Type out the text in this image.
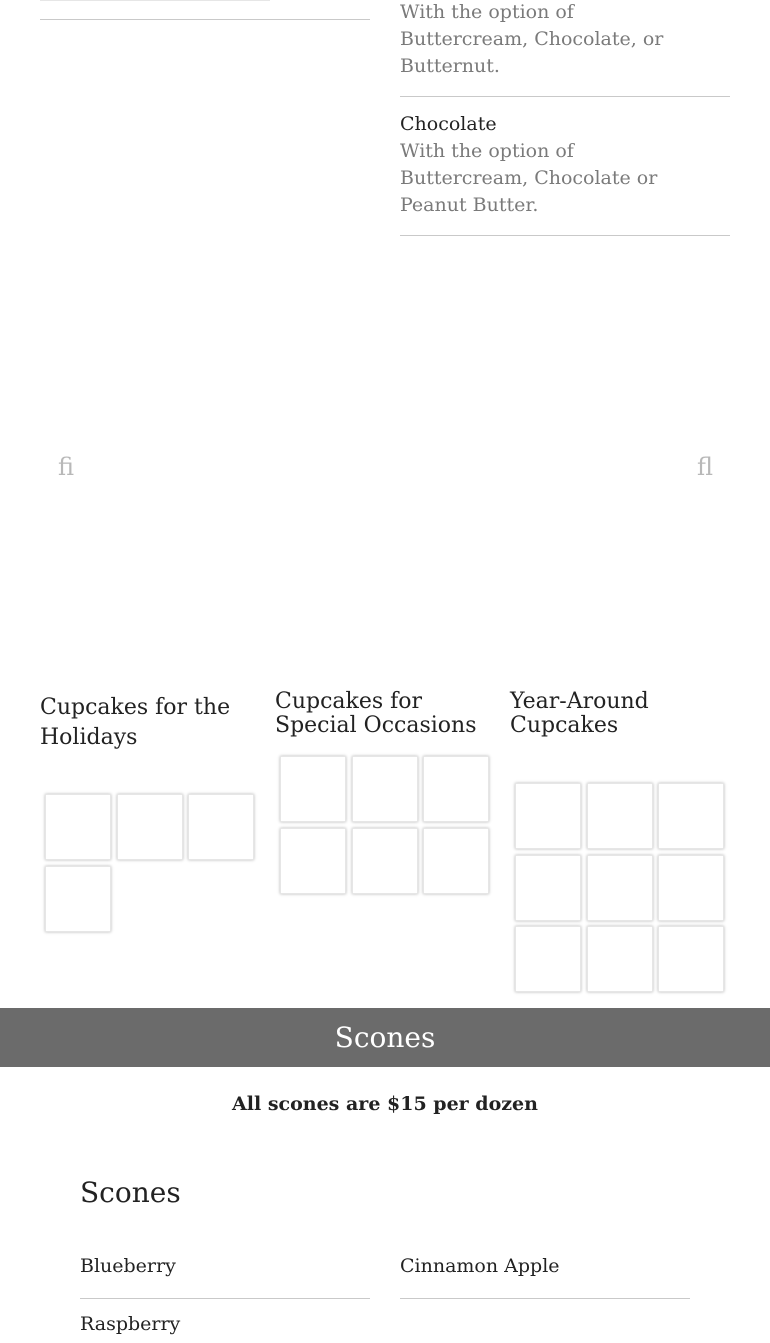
With the option of Buttercream, Chocolate, or Butternut.
Chocolate
With the option of Buttercream, Chocolate or Peanut Butter.
fi	fl
Cupcakes for the Holidays
Cupcakes for Special Occasions
Year-Around Cupcakes
Scones
All scones are $15 per dozen
Scones
Blueberry	Cinnamon Apple
Raspberry
